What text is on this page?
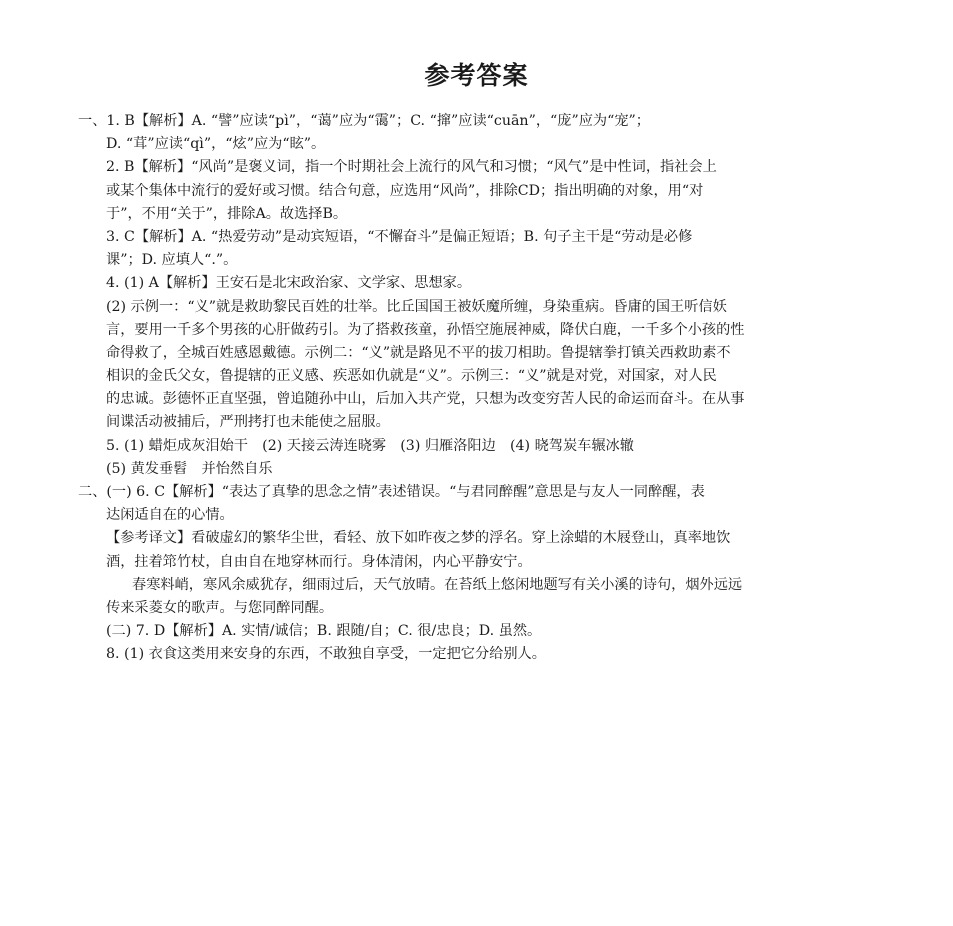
参考答案
一、1. B【解析】A. “譬”应读“pì”，“蔼”应为“霭”；C. “撺”应读“cuān”，“庞”应为“宠”；
D. “茸”应读“qì”，“炫”应为“眩”。
2. B【解析】“风尚”是褒义词，指一个时期社会上流行的风气和习惯；“风气”是中性词，指社会上
或某个集体中流行的爱好或习惯。结合句意，应选用“风尚”，排除CD；指出明确的对象，用“对
于”，不用“关于”，排除A。故选择B。
3. C【解析】A. “热爱劳动”是动宾短语，“不懈奋斗”是偏正短语；B. 句子主干是“劳动是必修
课”；D. 应填人“.”。
4. (1) A【解析】王安石是北宋政治家、文学家、思想家。
(2) 示例一：“义”就是救助黎民百姓的壮举。比丘国国王被妖魔所缠，身染重病。昏庸的国王听信妖
言，要用一千多个男孩的心肝做药引。为了搭救孩童，孙悟空施展神威，降伏白鹿，一千多个小孩的性
命得救了，全城百姓感恩戴德。示例二：“义”就是路见不平的拔刀相助。鲁提辖拳打镇关西救助素不
相识的金氏父女，鲁提辖的正义感、疾恶如仇就是“义”。示例三：“义”就是对党，对国家，对人民
的忠诚。彭德怀正直坚强，曾追随孙中山，后加入共产党，只想为改变穷苦人民的命运而奋斗。在从事
间谍活动被捕后，严刑拷打也未能使之屈服。
5. (1) 蜡炬成灰泪始干　(2) 天接云涛连晓雾　(3) 归雁洛阳边　(4) 晓驾炭车辗冰辙
(5) 黄发垂髫　并怡然自乐
二、(一) 6. C【解析】“表达了真挚的思念之情”表述错误。“与君同醉醒”意思是与友人一同醉醒，表
达闲适自在的心情。
【参考译文】看破虚幻的繁华尘世，看轻、放下如昨夜之梦的浮名。穿上涂蜡的木屐登山，真率地饮
酒，拄着筇竹杖，自由自在地穿林而行。身体清闲，内心平静安宁。
春寒料峭，寒风余威犹存，细雨过后，天气放晴。在苔纸上悠闲地题写有关小溪的诗句，烟外远远
传来采菱女的歌声。与您同醉同醒。
(二) 7. D【解析】A. 实情/诚信；B. 跟随/自；C. 很/忠良；D. 虽然。
8. (1) 衣食这类用来安身的东西，不敢独自享受，一定把它分给别人。
